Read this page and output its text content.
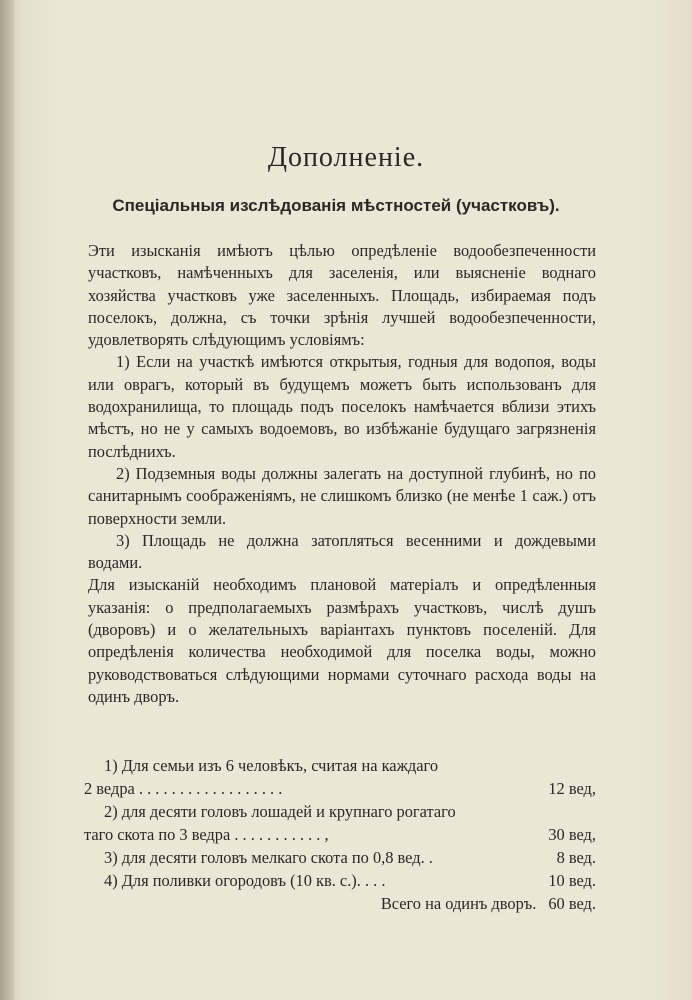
Дополненіе.
Спеціальныя изслѣдованія мѣстностей (участковъ).

Эти изысканія имѣютъ цѣлью опредѣленіе водообезпеченности участковъ, намѣченныхъ для заселенія, или выясненіе воднаго хозяйства участковъ уже заселенныхъ. Площадь, избираемая подъ поселокъ, должна, съ точки зрѣнія лучшей водообезпеченности, удовлетворять слѣдующимъ условіямъ:

1) Если на участкѣ имѣются открытыя, годныя для водопоя, воды или оврагъ, который въ будущемъ можетъ быть использованъ для водохранилища, то площадь подъ поселокъ намѣчается вблизи этихъ мѣстъ, но не у самыхъ водоемовъ, во избѣжаніе будущаго загрязненія послѣднихъ.

2) Подземныя воды должны залегать на доступной глубинѣ, но по санитарнымъ соображеніямъ, не слишкомъ близко (не менѣе 1 саж.) отъ поверхности земли.

3) Площадь не должна затопляться весенними и дождевыми водами.

Для изысканій необходимъ плановой матеріалъ и опредѣленныя указанія: о предполагаемыхъ размѣрахъ участковъ, числѣ душъ (дворовъ) и о желательныхъ варіантахъ пунктовъ поселеній. Для опредѣленія количества необходимой для поселка воды, можно руководствоваться слѣдующими нормами суточнаго расхода воды на одинъ дворъ.

1) Для семьи изъ 6 человѣкъ, считая на каждаго
2 ведра . . . . . . . . . . . . . . . . . .	12 вед,
2) для десяти головъ лошадей и крупнаго рогатаго
таго скота по 3 ведра . . . . . . . . . . . ,	30 вед,
3) для десяти головъ мелкаго скота по 0,8 вед. .	8 вед.
4) Для поливки огородовъ (10 кв. с.). . . .	10 вед.
Всего на одинъ дворъ. 60 вед.
